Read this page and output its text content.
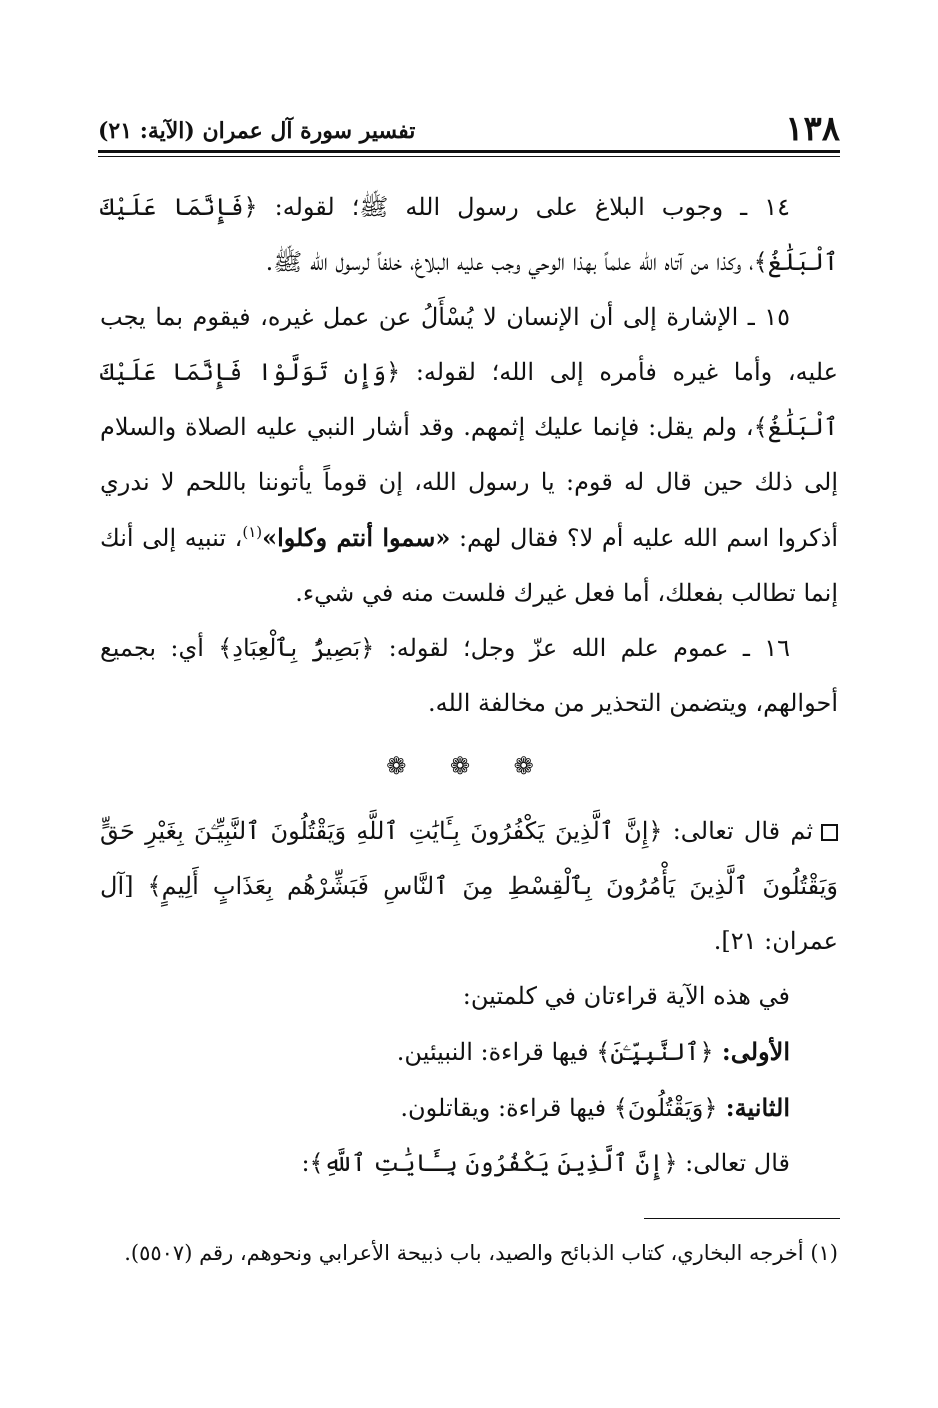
١٣٨
تفسير سورة آل عمران (الآية: ٢١)

١٤ ـ وجوب البلاغ على رسول الله ﷺ؛ لقوله: ﴿فَإِنَّمَا عَلَيْكَ ٱلْبَلَٰغُ﴾، وكذا من آتاه الله علماً بهذا الوحي وجب عليه البلاغ، خلفاً لرسول الله ﷺ.

١٥ ـ الإشارة إلى أن الإنسان لا يُسْأَلُ عن عمل غيره، فيقوم بما يجب عليه، وأما غيره فأمره إلى الله؛ لقوله: ﴿وَإِن تَوَلَّوْا فَإِنَّمَا عَلَيْكَ ٱلْبَلَٰغُ﴾، ولم يقل: فإنما عليك إثمهم. وقد أشار النبي عليه الصلاة والسلام إلى ذلك حين قال له قوم: يا رسول الله، إن قوماً يأتوننا باللحم لا ندري أذكروا اسم الله عليه أم لا؟ فقال لهم: «سموا أنتم وكلوا»$^{(١)}$، تنبيه إلى أنك إنما تطالب بفعلك، أما فعل غيرك فلست منه في شيء.

١٦ ـ عموم علم الله عزّ وجل؛ لقوله: ﴿بَصِيرٌۢ بِٱلْعِبَادِ﴾ أي: بجميع أحوالهم، ويتضمن التحذير من مخالفة الله.

❁ ❁ ❁

ثم قال تعالى: ﴿إِنَّ ٱلَّذِينَ يَكْفُرُونَ بِـَٔايَٰتِ ٱللَّهِ وَيَقْتُلُونَ ٱلنَّبِيِّـۧنَ بِغَيْرِ حَقٍّ وَيَقْتُلُونَ ٱلَّذِينَ يَأْمُرُونَ بِٱلْقِسْطِ مِنَ ٱلنَّاسِ فَبَشِّرْهُم بِعَذَابٍ أَلِيمٍ﴾ [آل عمران: ٢١].

في هذه الآية قراءتان في كلمتين:

الأولى: ﴿ٱلنَّبِيِّـۧنَ﴾ فيها قراءة: النبيئين.

الثانية: ﴿وَيَقْتُلُونَ﴾ فيها قراءة: ويقاتلون.

قال تعالى: ﴿إِنَّ ٱلَّذِينَ يَكْفُرُونَ بِـَٔايَٰتِ ٱللَّهِ﴾:

(١) أخرجه البخاري، كتاب الذبائح والصيد، باب ذبيحة الأعرابي ونحوهم، رقم (٥٥٠٧).
